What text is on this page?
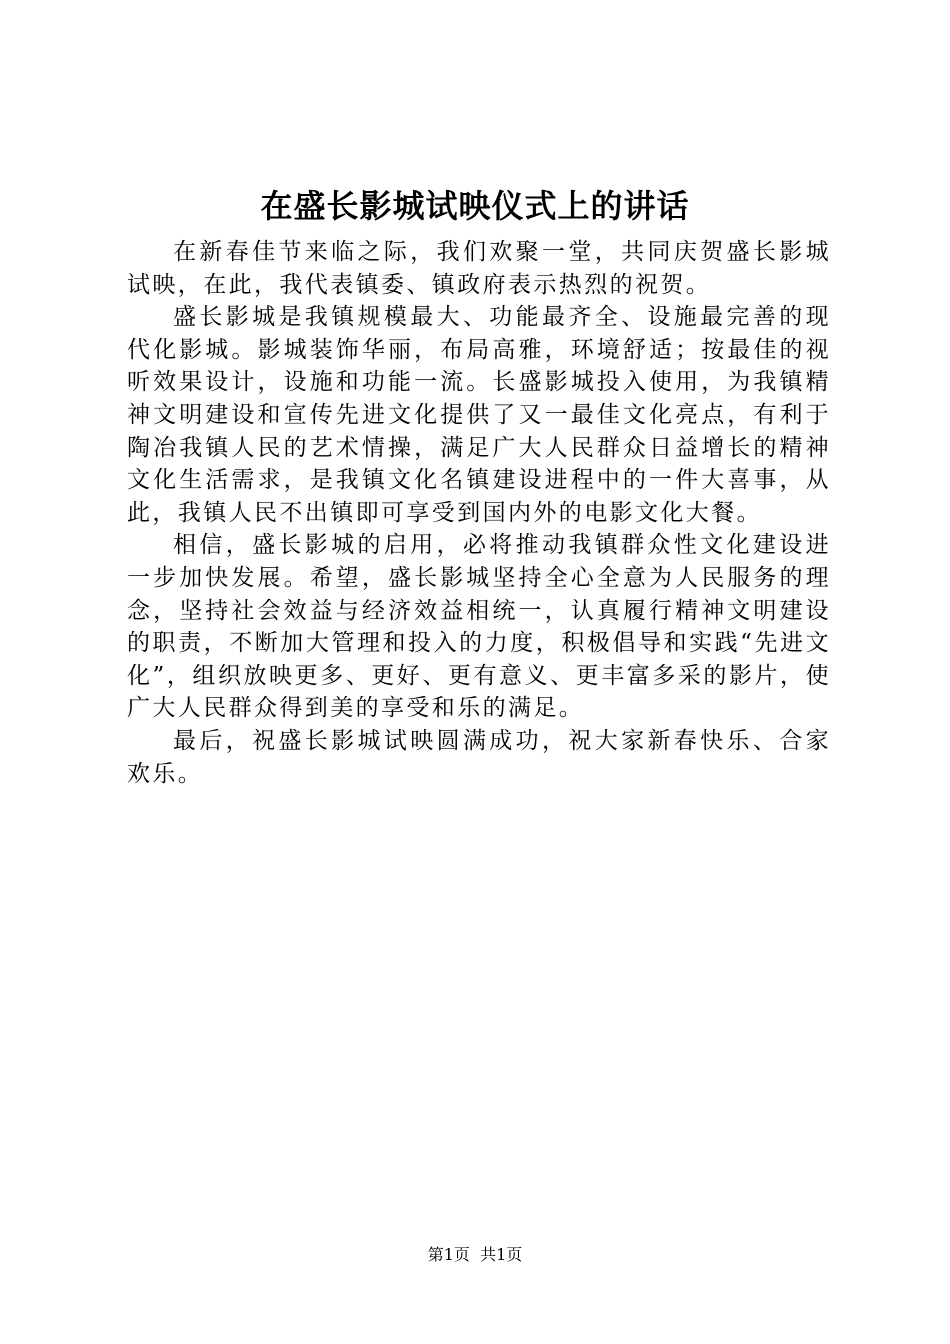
在盛长影城试映仪式上的讲话

在新春佳节来临之际，我们欢聚一堂，共同庆贺盛长影城试映，在此，我代表镇委、镇政府表示热烈的祝贺。

盛长影城是我镇规模最大、功能最齐全、设施最完善的现代化影城。影城装饰华丽，布局高雅，环境舒适；按最佳的视听效果设计，设施和功能一流。长盛影城投入使用，为我镇精神文明建设和宣传先进文化提供了又一最佳文化亮点，有利于陶冶我镇人民的艺术情操，满足广大人民群众日益增长的精神文化生活需求，是我镇文化名镇建设进程中的一件大喜事，从此，我镇人民不出镇即可享受到国内外的电影文化大餐。

相信，盛长影城的启用，必将推动我镇群众性文化建设进一步加快发展。希望，盛长影城坚持全心全意为人民服务的理念，坚持社会效益与经济效益相统一，认真履行精神文明建设的职责，不断加大管理和投入的力度，积极倡导和实践“先进文化”，组织放映更多、更好、更有意义、更丰富多采的影片，使广大人民群众得到美的享受和乐的满足。

最后，祝盛长影城试映圆满成功，祝大家新春快乐、合家欢乐。

第1页 共1页
